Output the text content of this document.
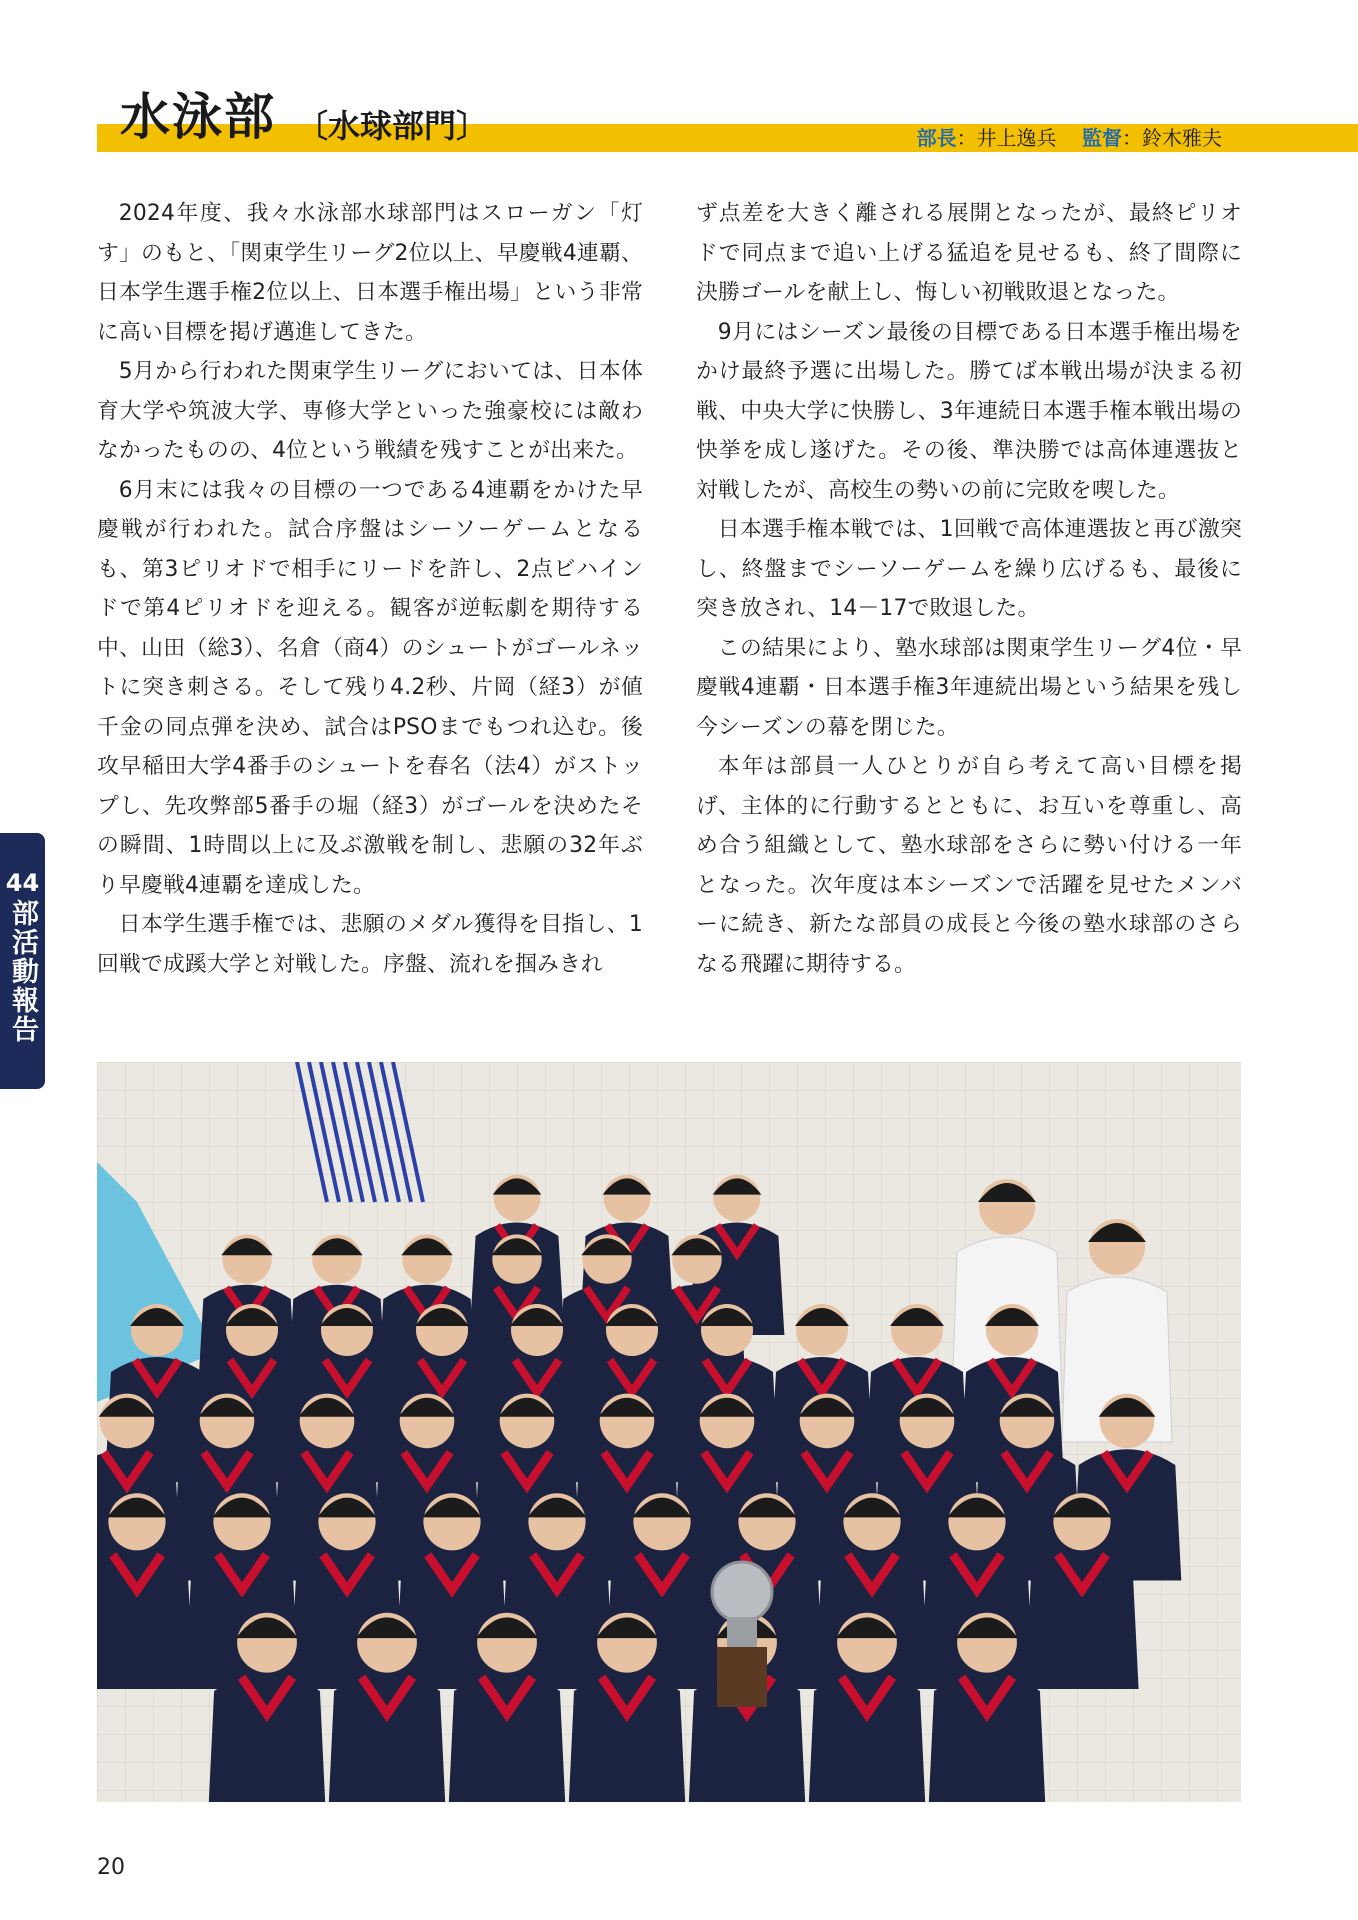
水泳部 〔水球部門〕	部長：井上逸兵 監督：鈴木雅夫

2024年度、我々水泳部水球部門はスローガン「灯す」のもと、「関東学生リーグ2位以上、早慶戦4連覇、日本学生選手権2位以上、日本選手権出場」という非常に高い目標を掲げ邁進してきた。

5月から行われた関東学生リーグにおいては、日本体育大学や筑波大学、専修大学といった強豪校には敵わなかったものの、4位という戦績を残すことが出来た。

6月末には我々の目標の一つである4連覇をかけた早慶戦が行われた。試合序盤はシーソーゲームとなるも、第3ピリオドで相手にリードを許し、2点ビハインドで第4ピリオドを迎える。観客が逆転劇を期待する中、山田（総3）、名倉（商4）のシュートがゴールネットに突き刺さる。そして残り4.2秒、片岡（経3）が値千金の同点弾を決め、試合はPSOまでもつれ込む。後攻早稲田大学4番手のシュートを春名（法4）がストップし、先攻弊部5番手の堀（経3）がゴールを決めたその瞬間、1時間以上に及ぶ激戦を制し、悲願の32年ぶり早慶戦4連覇を達成した。

日本学生選手権では、悲願のメダル獲得を目指し、1回戦で成蹊大学と対戦した。序盤、流れを掴みきれ

ず点差を大きく離される展開となったが、最終ピリオドで同点まで追い上げる猛追を見せるも、終了間際に決勝ゴールを献上し、悔しい初戦敗退となった。

9月にはシーズン最後の目標である日本選手権出場をかけ最終予選に出場した。勝てば本戦出場が決まる初戦、中央大学に快勝し、3年連続日本選手権本戦出場の快挙を成し遂げた。その後、準決勝では高体連選抜と対戦したが、高校生の勢いの前に完敗を喫した。

日本選手権本戦では、1回戦で高体連選抜と再び激突し、終盤までシーソーゲームを繰り広げるも、最後に突き放され、14－17で敗退した。

この結果により、塾水球部は関東学生リーグ4位・早慶戦4連覇・日本選手権3年連続出場という結果を残し今シーズンの幕を閉じた。

本年は部員一人ひとりが自ら考えて高い目標を掲げ、主体的に行動するとともに、お互いを尊重し、高め合う組織として、塾水球部をさらに勢い付ける一年となった。次年度は本シーズンで活躍を見せたメンバーに続き、新たな部員の成長と今後の塾水球部のさらなる飛躍に期待する。

44
部活動報告
20
